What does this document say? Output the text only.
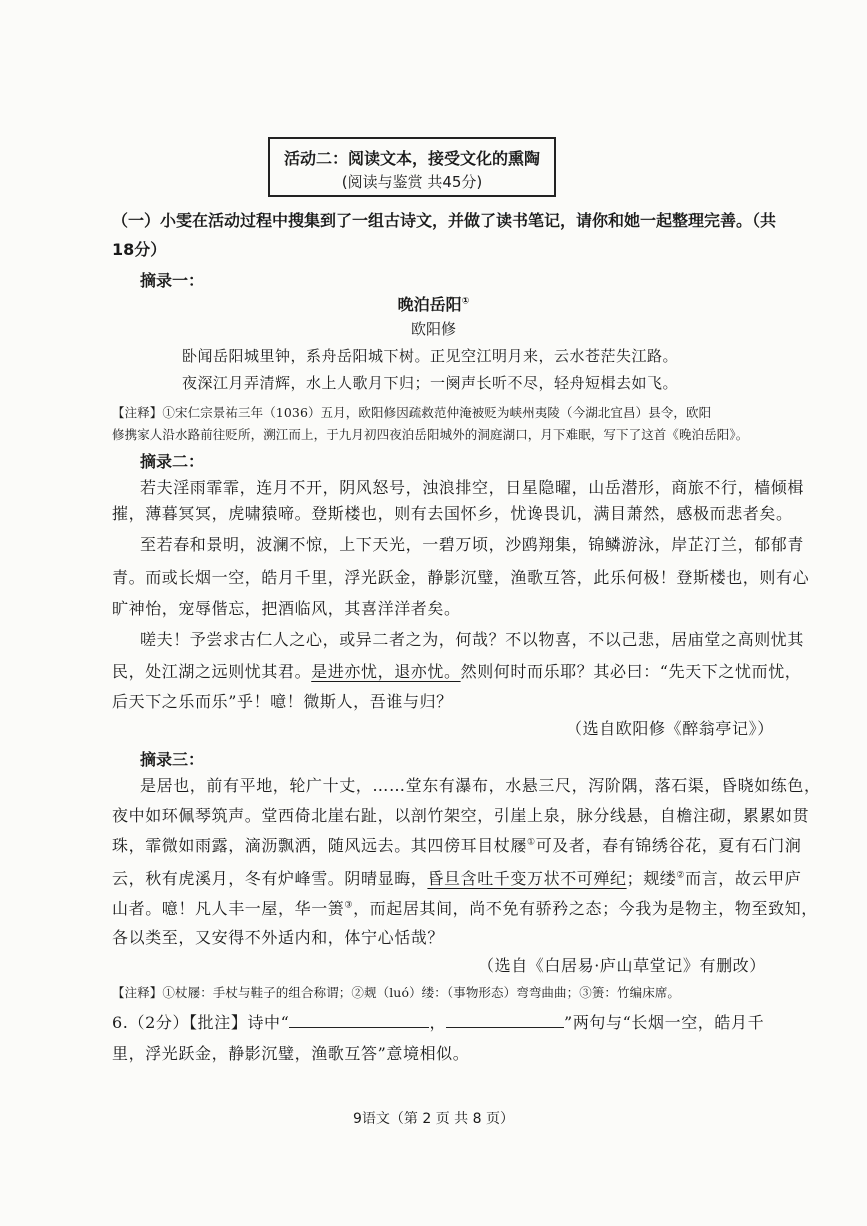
活动二：阅读文本，接受文化的熏陶
(阅读与鉴赏 共45分)
（一）小雯在活动过程中搜集到了一组古诗文，并做了读书笔记，请你和她一起整理完善。（共
18分）
摘录一：
晚泊岳阳①
欧阳修
卧闻岳阳城里钟，系舟岳阳城下树。正见空江明月来，云水苍茫失江路。
夜深江月弄清辉，水上人歌月下归；一阕声长听不尽，轻舟短楫去如飞。
【注释】①宋仁宗景祐三年（1036）五月，欧阳修因疏救范仲淹被贬为峡州夷陵（今湖北宜昌）县令，欧阳
修携家人沿水路前往贬所，溯江而上，于九月初四夜泊岳阳城外的洞庭湖口，月下难眠，写下了这首《晚泊岳阳》。
摘录二：
若夫淫雨霏霏，连月不开，阴风怒号，浊浪排空，日星隐曜，山岳潜形，商旅不行，樯倾楫
摧，薄暮冥冥，虎啸猿啼。登斯楼也，则有去国怀乡，忧谗畏讥，满目萧然，感极而悲者矣。
至若春和景明，波澜不惊，上下天光，一碧万顷，沙鸥翔集，锦鳞游泳，岸芷汀兰，郁郁青
青。而或长烟一空，皓月千里，浮光跃金，静影沉璧，渔歌互答，此乐何极！登斯楼也，则有心
旷神怡，宠辱偕忘，把酒临风，其喜洋洋者矣。
嗟夫！予尝求古仁人之心，或异二者之为，何哉？不以物喜，不以己悲，居庙堂之高则忧其
民，处江湖之远则忧其君。是进亦忧，退亦忧。然则何时而乐耶？其必曰：“先天下之忧而忧，
后天下之乐而乐”乎！噫！微斯人，吾谁与归？
（选自欧阳修《醉翁亭记》）
摘录三：
是居也，前有平地，轮广十丈，……堂东有瀑布，水悬三尺，泻阶隅，落石渠，昏晓如练色，
夜中如环佩琴筑声。堂西倚北崖右趾，以剖竹架空，引崖上泉，脉分线悬，自檐注砌，累累如贯
珠，霏微如雨露，滴沥飘洒，随风远去。其四傍耳目杖屦①可及者，春有锦绣谷花，夏有石门涧
云，秋有虎溪月，冬有炉峰雪。阴晴显晦，昏旦含吐千变万状不可殚纪；觌缕②而言，故云甲庐
山者。噫！凡人丰一屋，华一箦③，而起居其间，尚不免有骄矜之态；今我为是物主，物至致知，
各以类至，又安得不外适内和，体宁心恬哉？
（选自《白居易·庐山草堂记》有删改）
【注释】①杖屦：手杖与鞋子的组合称谓；②觌（luó）缕：（事物形态）弯弯曲曲；③箦：竹编床席。
6.（2分）【批注】诗中“	，	”两句与“长烟一空，皓月千
里，浮光跃金，静影沉璧，渔歌互答”意境相似。
9语文（第 2 页 共 8 页）
